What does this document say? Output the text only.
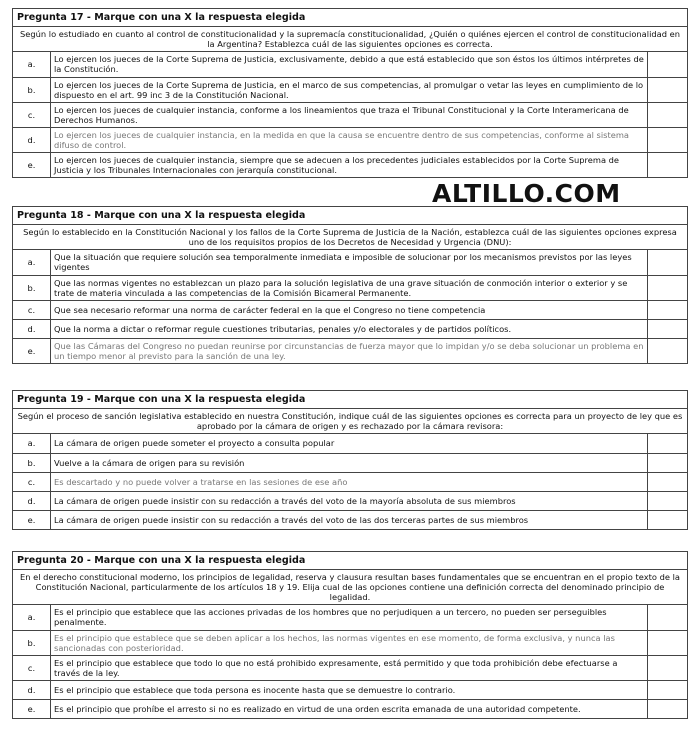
Pregunta 17 - Marque con una X la respuesta elegida
Según lo estudiado en cuanto al control de constitucionalidad y la supremacía constitucionalidad, ¿Quién o quiénes ejercen el control de constitucionalidad en la Argentina? Establezca cuál de las siguientes opciones es correcta.
a.	Lo ejercen los jueces de la Corte Suprema de Justicia, exclusivamente, debido a que está establecido que son éstos los últimos intérpretes de la Constitución.	
b.	Lo ejercen los jueces de la Corte Suprema de Justicia, en el marco de sus competencias, al promulgar o vetar las leyes en cumplimiento de lo dispuesto en el art. 99 inc 3 de la Constitución Nacional.	
c.	Lo ejercen los jueces de cualquier instancia, conforme a los lineamientos que traza el Tribunal Constitucional y la Corte Interamericana de Derechos Humanos.	
d.	Lo ejercen los jueces de cualquier instancia, en la medida en que la causa se encuentre dentro de sus competencias, conforme al sistema difuso de control.	
e.	Lo ejercen los jueces de cualquier instancia, siempre que se adecuen a los precedentes judiciales establecidos por la Corte Suprema de Justicia y los Tribunales Internacionales con jerarquía constitucional.	
ALTILLO.COM
Pregunta 18 - Marque con una X la respuesta elegida
Según lo establecido en la Constitución Nacional y los fallos de la Corte Suprema de Justicia de la Nación, establezca cuál de las siguientes opciones expresa uno de los requisitos propios de los Decretos de Necesidad y Urgencia (DNU):
a.	Que la situación que requiere solución sea temporalmente inmediata e imposible de solucionar por los mecanismos previstos por las leyes vigentes	
b.	Que las normas vigentes no establezcan un plazo para la solución legislativa de una grave situación de conmoción interior o exterior y se trate de materia vinculada a las competencias de la Comisión Bicameral Permanente.	
c.	Que sea necesario reformar una norma de carácter federal en la que el Congreso no tiene competencia	
d.	Que la norma a dictar o reformar regule cuestiones tributarias, penales y/o electorales y de partidos políticos.	
e.	Que las Cámaras del Congreso no puedan reunirse por circunstancias de fuerza mayor que lo impidan y/o se deba solucionar un problema en un tiempo menor al previsto para la sanción de una ley.	
Pregunta 19 - Marque con una X la respuesta elegida
Según el proceso de sanción legislativa establecido en nuestra Constitución, indique cuál de las siguientes opciones es correcta para un proyecto de ley que es aprobado por la cámara de origen y es rechazado por la cámara revisora:
a.	La cámara de origen puede someter el proyecto a consulta popular	
b.	Vuelve a la cámara de origen para su revisión	
c.	Es descartado y no puede volver a tratarse en las sesiones de ese año	
d.	La cámara de origen puede insistir con su redacción a través del voto de la mayoría absoluta de sus miembros	
e.	La cámara de origen puede insistir con su redacción a través del voto de las dos terceras partes de sus miembros	
Pregunta 20 - Marque con una X la respuesta elegida
En el derecho constitucional moderno, los principios de legalidad, reserva y clausura resultan bases fundamentales que se encuentran en el propio texto de la Constitución Nacional, particularmente de los artículos 18 y 19. Elija cual de las opciones contiene una definición correcta del denominado principio de legalidad.
a.	Es el principio que establece que las acciones privadas de los hombres que no perjudiquen a un tercero, no pueden ser perseguibles penalmente.	
b.	Es el principio que establece que se deben aplicar a los hechos, las normas vigentes en ese momento, de forma exclusiva, y nunca las sancionadas con posterioridad.	
c.	Es el principio que establece que todo lo que no está prohibido expresamente, está permitido y que toda prohibición debe efectuarse a través de la ley.	
d.	Es el principio que establece que toda persona es inocente hasta que se demuestre lo contrario.	
e.	Es el principio que prohíbe el arresto si no es realizado en virtud de una orden escrita emanada de una autoridad competente.	
